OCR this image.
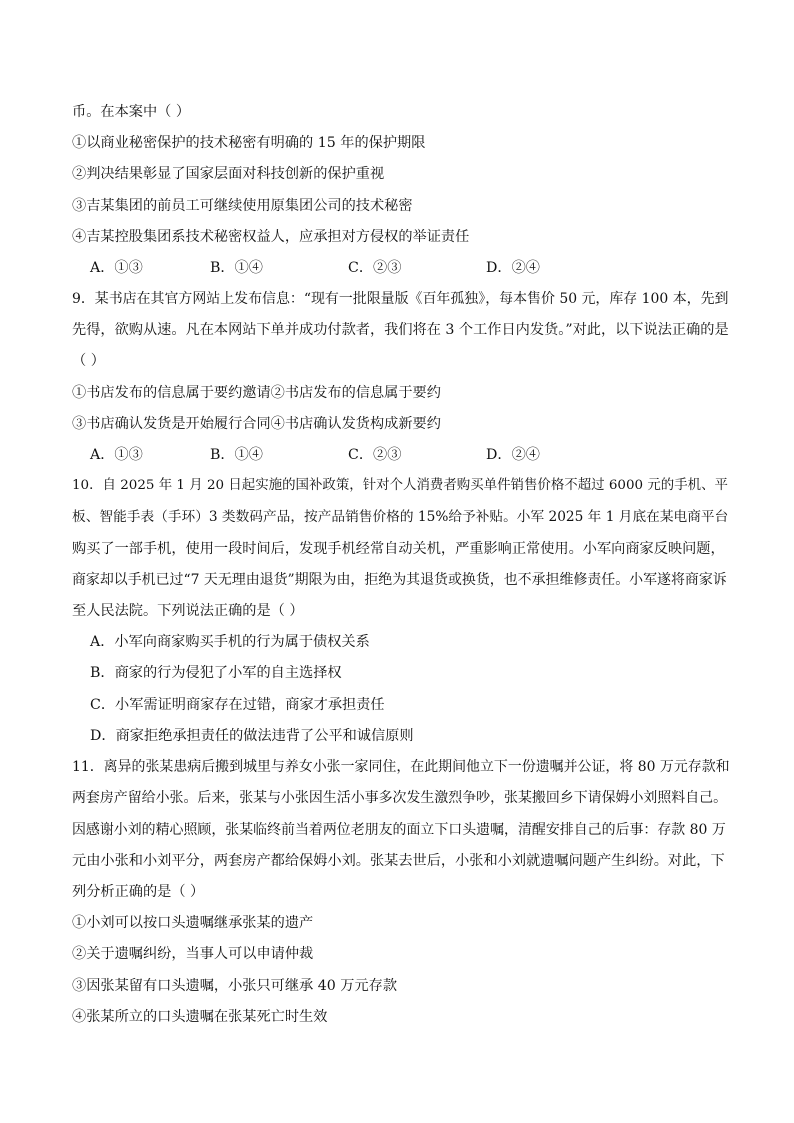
币。在本案中（ ）
①以商业秘密保护的技术秘密有明确的 15 年的保护期限
②判决结果彰显了国家层面对科技创新的保护重视
③吉某集团的前员工可继续使用原集团公司的技术秘密
④吉某控股集团系技术秘密权益人，应承担对方侵权的举证责任
A．①③	B．①④	C．②③	D．②④
9．某书店在其官方网站上发布信息：“现有一批限量版《百年孤独》，每本售价 50 元，库存 100 本，先到
先得，欲购从速。凡在本网站下单并成功付款者，我们将在 3 个工作日内发货。”对此，以下说法正确的是
（ ）
①书店发布的信息属于要约邀请②书店发布的信息属于要约
③书店确认发货是开始履行合同④书店确认发货构成新要约
A．①③	B．①④	C．②③	D．②④
10．自 2025 年 1 月 20 日起实施的国补政策，针对个人消费者购买单件销售价格不超过 6000 元的手机、平
板、智能手表（手环）3 类数码产品，按产品销售价格的 15%给予补贴。小军 2025 年 1 月底在某电商平台
购买了一部手机，使用一段时间后，发现手机经常自动关机，严重影响正常使用。小军向商家反映问题，
商家却以手机已过“7 天无理由退货”期限为由，拒绝为其退货或换货，也不承担维修责任。小军遂将商家诉
至人民法院。下列说法正确的是（ ）
A．小军向商家购买手机的行为属于债权关系
B．商家的行为侵犯了小军的自主选择权
C．小军需证明商家存在过错，商家才承担责任
D．商家拒绝承担责任的做法违背了公平和诚信原则
11．离异的张某患病后搬到城里与养女小张一家同住，在此期间他立下一份遗嘱并公证，将 80 万元存款和
两套房产留给小张。后来，张某与小张因生活小事多次发生激烈争吵，张某搬回乡下请保姆小刘照料自己。
因感谢小刘的精心照顾，张某临终前当着两位老朋友的面立下口头遗嘱，清醒安排自己的后事：存款 80 万
元由小张和小刘平分，两套房产都给保姆小刘。张某去世后，小张和小刘就遗嘱问题产生纠纷。对此，下
列分析正确的是（ ）
①小刘可以按口头遗嘱继承张某的遗产
②关于遗嘱纠纷，当事人可以申请仲裁
③因张某留有口头遗嘱，小张只可继承 40 万元存款
④张某所立的口头遗嘱在张某死亡时生效
